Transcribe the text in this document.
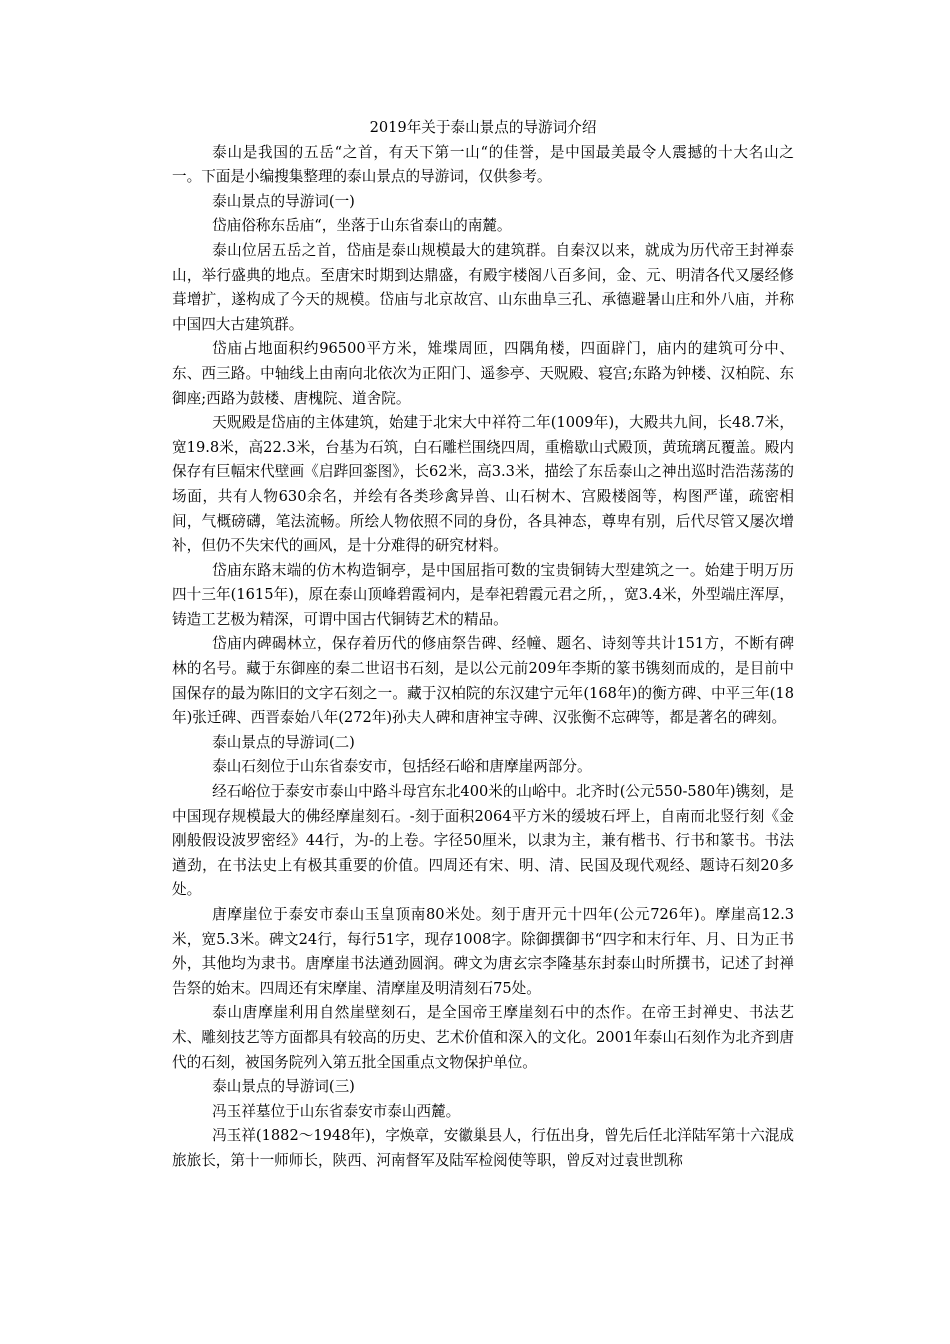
2019年关于泰山景点的导游词介绍

泰山是我国的五岳“之首，有天下第一山“的佳誉，是中国最美最令人震撼的十大名山之一。下面是小编搜集整理的泰山景点的导游词，仅供参考。

泰山景点的导游词(一)

岱庙俗称东岳庙“，坐落于山东省泰山的南麓。

泰山位居五岳之首，岱庙是泰山规模最大的建筑群。自秦汉以来，就成为历代帝王封禅泰山，举行盛典的地点。至唐宋时期到达鼎盛，有殿宇楼阁八百多间，金、元、明清各代又屡经修葺增扩，遂构成了今天的规模。岱庙与北京故宫、山东曲阜三孔、承德避暑山庄和外八庙，并称中国四大古建筑群。

岱庙占地面积约96500平方米，雉堞周匝，四隅角楼，四面辟门，庙内的建筑可分中、东、西三路。中轴线上由南向北依次为正阳门、遥参亭、天贶殿、寝宫;东路为钟楼、汉柏院、东御座;西路为鼓楼、唐槐院、道舍院。

天贶殿是岱庙的主体建筑，始建于北宋大中祥符二年(1009年)，大殿共九间，长48.7米，宽19.8米，高22.3米，台基为石筑，白石雕栏围绕四周，重檐歇山式殿顶，黄琉璃瓦覆盖。殿内保存有巨幅宋代壁画《启跸回銮图》，长62米，高3.3米，描绘了东岳泰山之神出巡时浩浩荡荡的场面，共有人物630余名，并绘有各类珍禽异兽、山石树木、宫殿楼阁等，构图严谨，疏密相间，气概磅礴，笔法流畅。所绘人物依照不同的身份，各具神态，尊卑有别，后代尽管又屡次增补，但仍不失宋代的画风，是十分难得的研究材料。

岱庙东路末端的仿木构造铜亭，是中国屈指可数的宝贵铜铸大型建筑之一。始建于明万历四十三年(1615年)，原在泰山顶峰碧霞祠内，是奉祀碧霞元君之所，，宽3.4米，外型端庄浑厚，铸造工艺极为精深，可谓中国古代铜铸艺术的精品。

岱庙内碑碣林立，保存着历代的修庙祭告碑、经幢、题名、诗刻等共计151方，不断有碑林的名号。藏于东御座的秦二世诏书石刻，是以公元前209年李斯的篆书镌刻而成的，是目前中国保存的最为陈旧的文字石刻之一。藏于汉柏院的东汉建宁元年(168年)的衡方碑、中平三年(18年)张迁碑、西晋泰始八年(272年)孙夫人碑和唐神宝寺碑、汉张衡不忘碑等，都是著名的碑刻。

泰山景点的导游词(二)

泰山石刻位于山东省泰安市，包括经石峪和唐摩崖两部分。

经石峪位于泰安市泰山中路斗母宫东北400米的山峪中。北齐时(公元550-580年)镌刻，是中国现存规模最大的佛经摩崖刻石。-刻于面积2064平方米的缓坡石坪上，自南而北竖行刻《金刚般假设波罗密经》44行，为-的上卷。字径50厘米，以隶为主，兼有楷书、行书和篆书。书法遒劲，在书法史上有极其重要的价值。四周还有宋、明、清、民国及现代观经、题诗石刻20多处。

唐摩崖位于泰安市泰山玉皇顶南80米处。刻于唐开元十四年(公元726年)。摩崖高12.3米，宽5.3米。碑文24行，每行51字，现存1008字。除御撰御书“四字和末行年、月、日为正书外，其他均为隶书。唐摩崖书法遒劲圆润。碑文为唐玄宗李隆基东封泰山时所撰书，记述了封禅告祭的始末。四周还有宋摩崖、清摩崖及明清刻石75处。

泰山唐摩崖利用自然崖壁刻石，是全国帝王摩崖刻石中的杰作。在帝王封禅史、书法艺术、雕刻技艺等方面都具有较高的历史、艺术价值和深入的文化。2001年泰山石刻作为北齐到唐代的石刻，被国务院列入第五批全国重点文物保护单位。

泰山景点的导游词(三)

冯玉祥墓位于山东省泰安市泰山西麓。

冯玉祥(1882～1948年)，字焕章，安徽巢县人，行伍出身，曾先后任北洋陆军第十六混成旅旅长，第十一师师长，陕西、河南督军及陆军检阅使等职，曾反对过袁世凯称
